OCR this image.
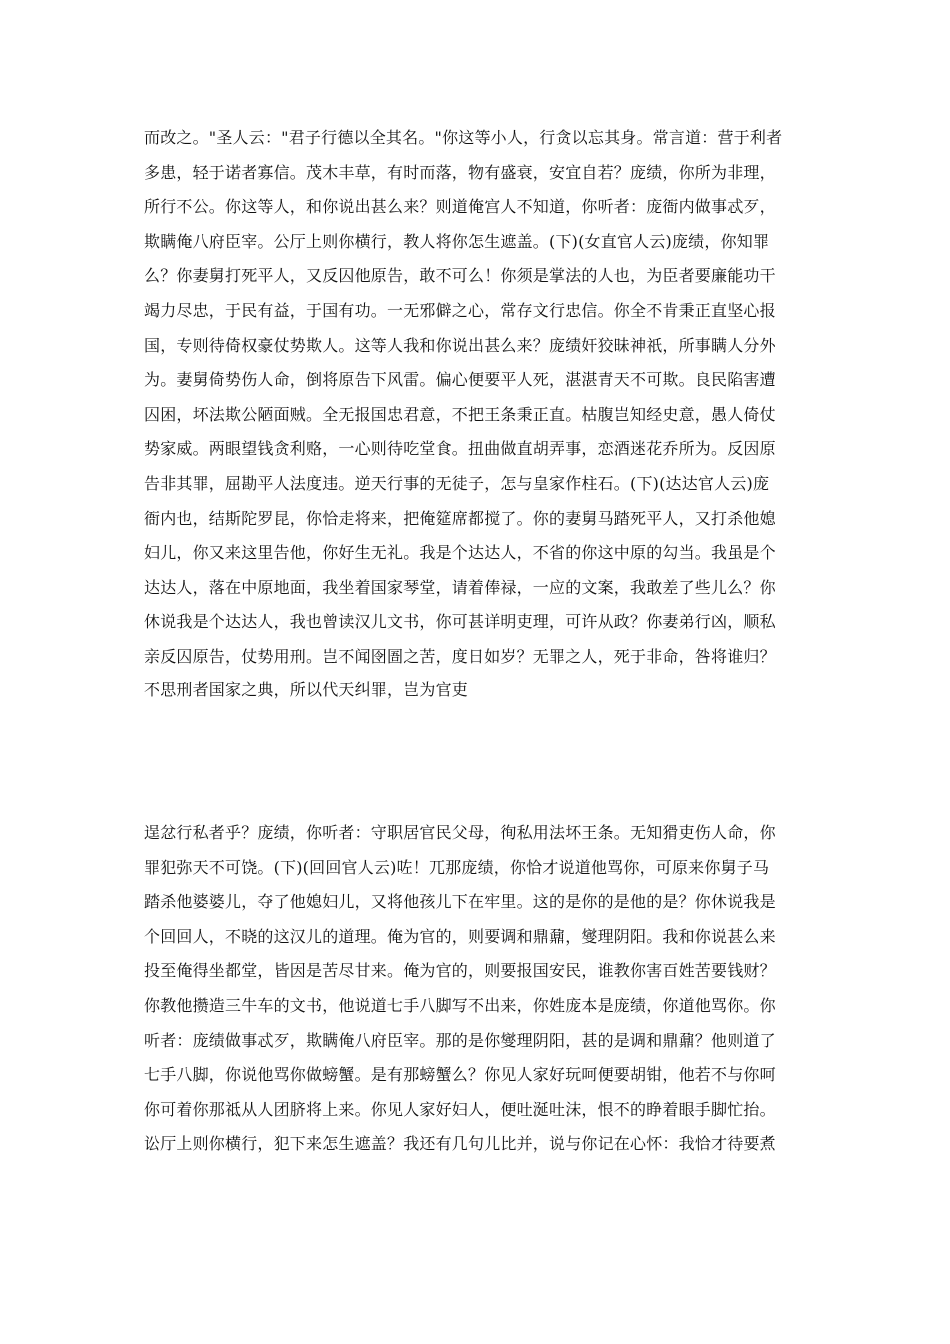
而改之。"圣人云："君子行德以全其名。"你这等小人，行贪以忘其身。常言道：营于利者
多患，轻于诺者寡信。茂木丰草，有时而落，物有盛衰，安宜自若？庞绩，你所为非理，
所行不公。你这等人，和你说出甚么来？则道俺宫人不知道，你听者：庞衙内做事忒歹，
欺瞒俺八府臣宰。公厅上则你横行，教人将你怎生遮盖。(下)(女直官人云)庞绩，你知罪
么？你妻舅打死平人，又反囚他原告，敢不可么！你须是掌法的人也，为臣者要廉能功干
竭力尽忠，于民有益，于国有功。一无邪僻之心，常存文行忠信。你全不肯秉正直坚心报
国，专则待倚权豪仗势欺人。这等人我和你说出甚么来？庞绩奸狡昧神祇，所事瞒人分外
为。妻舅倚势伤人命，倒将原告下风雷。偏心便要平人死，湛湛青天不可欺。良民陷害遭
囚困，坏法欺公陋面贼。全无报国忠君意，不把王条秉正直。枯腹岂知经史意，愚人倚仗
势家威。两眼望钱贪利赂，一心则待吃堂食。扭曲做直胡弄事，恋酒迷花乔所为。反因原
告非其罪，屈勘平人法度违。逆天行事的无徒子，怎与皇家作柱石。(下)(达达官人云)庞
衙内也，结斯陀罗昆，你恰走将来，把俺筵席都搅了。你的妻舅马踏死平人，又打杀他媳
妇儿，你又来这里告他，你好生无礼。我是个达达人，不省的你这中原的勾当。我虽是个
达达人，落在中原地面，我坐着国家琴堂，请着俸禄，一应的文案，我敢差了些儿么？你
休说我是个达达人，我也曾读汉儿文书，你可甚详明吏理，可许从政？你妻弟行凶，顺私
亲反囚原告，仗势用刑。岂不闻囹圄之苦，度日如岁？无罪之人，死于非命，咎将谁归？
不思刑者国家之典，所以代天纠罪，岂为官吏
逞忿行私者乎？庞绩，你听者：守职居官民父母，徇私用法坏王条。无知猾吏伤人命，你
罪犯弥天不可饶。(下)(回回官人云)咗！兀那庞绩，你恰才说道他骂你，可原来你舅子马
踏杀他婆婆儿，夺了他媳妇儿，又将他孩儿下在牢里。这的是你的是他的是？你休说我是
个回回人，不晓的这汉儿的道理。俺为官的，则要调和鼎鼐，燮理阴阳。我和你说甚么来
投至俺得坐都堂，皆因是苦尽甘来。俺为官的，则要报国安民，谁教你害百姓苦要钱财？
你教他攒造三牛车的文书，他说道七手八脚写不出来，你姓庞本是庞绩，你道他骂你。你
听者：庞绩做事忒歹，欺瞒俺八府臣宰。那的是你燮理阴阳，甚的是调和鼎鼐？他则道了
七手八脚，你说他骂你做螃蟹。是有那螃蟹么？你见人家好玩呵便要胡钳，他若不与你呵
你可着你那祗从人团脐将上来。你见人家好妇人，便吐涎吐沫，恨不的睁着眼手脚忙抬。
讼厅上则你横行，犯下来怎生遮盖？我还有几句儿比并，说与你记在心怀：我恰才待要煮
